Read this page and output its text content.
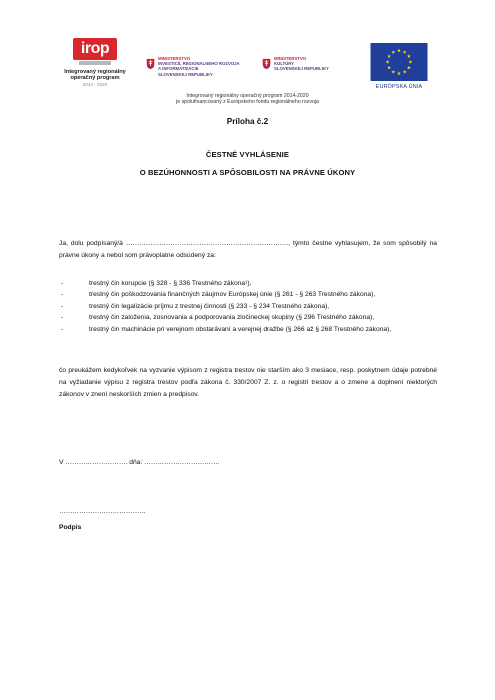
irop
Integrovaný regionálny
operačný program
2014 - 2020
MINISTERSTVO
INVESTÍCIÍ, REGIONÁLNEHO ROZVOJA
A INFORMATIZÁCIE
SLOVENSKEJ REPUBLIKY
MINISTERSTVO
KULTÚRY
SLOVENSKEJ REPUBLIKY
EURÓPSKA ÚNIA
Integrovaný regionálny operačný program 2014-2020
je spolufinancovaný z Európskeho fondu regionálneho rozvoja
Príloha č.2
ČESTNÉ VYHLÁSENIE
O BEZÚHONNOSTI A SPÔSOBILOSTI NA PRÁVNE ÚKONY
Ja, dolu podpísaný/á ………………………………………………………………., týmto čestne vyhlasujem, že som spôsobilý na právne úkony a nebol som právoplatne odsúdený za:
- trestný čin korupcie (§ 328 - § 336 Trestného zákona¹),
- trestný čin poškodzovania finančných záujmov Európskej únie (§ 261 - § 263 Trestného zákona),
- trestný čin legalizácie príjmu z trestnej činnosti (§ 233 - § 234 Trestného zákona),
- trestný čin založenia, zosnovania a podporovania zločineckej skupiny (§ 296 Trestného zákona),
- trestný čin machinácie pri verejnom obstarávaní a verejnej dražbe (§ 266 až § 268 Trestného zákona),
čo preukážem kedykoľvek na vyzvanie výpisom z registra trestov nie starším ako 3 mesiace, resp. poskytnem údaje potrebné na vyžiadanie výpisu z registra trestov podľa zákona č. 330/2007 Z. z. o registri trestov a o zmene a doplnení niektorých zákonov v znení neskorších zmien a predpisov.
V ………………………. dňa: …………………………….
…………………………………
Podpis
